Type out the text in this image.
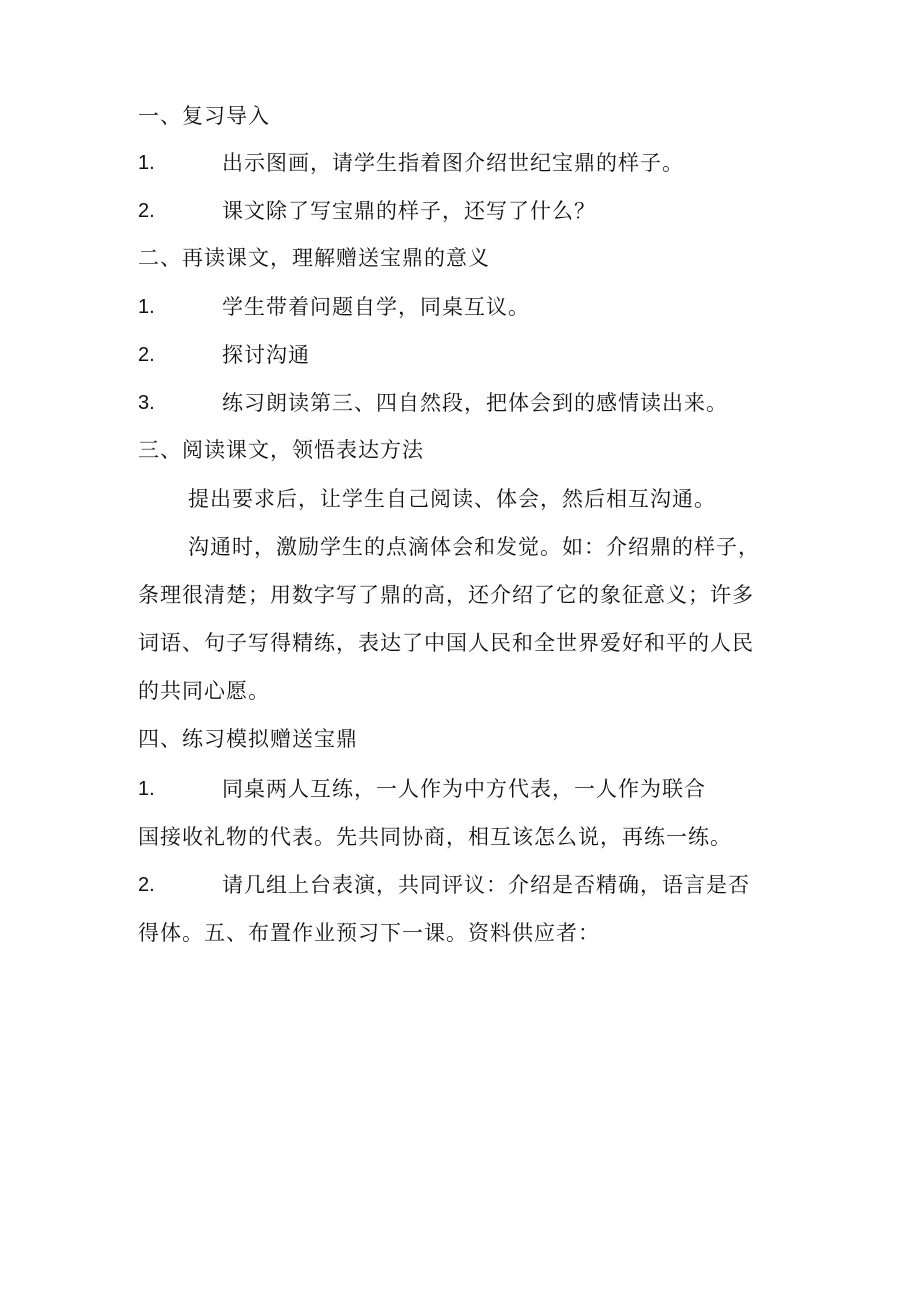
一、复习导入
1.	出示图画，请学生指着图介绍世纪宝鼎的样子。
2.	课文除了写宝鼎的样子，还写了什么？
二、再读课文，理解赠送宝鼎的意义
1.	学生带着问题自学，同桌互议。
2.	探讨沟通
3.	练习朗读第三、四自然段，把体会到的感情读出来。
三、阅读课文，领悟表达方法
提出要求后，让学生自己阅读、体会，然后相互沟通。
沟通时，激励学生的点滴体会和发觉。如：介绍鼎的样子，
条理很清楚；用数字写了鼎的高，还介绍了它的象征意义；许多
词语、句子写得精练，表达了中国人民和全世界爱好和平的人民
的共同心愿。
四、练习模拟赠送宝鼎
1.	同桌两人互练，一人作为中方代表，一人作为联合
国接收礼物的代表。先共同协商，相互该怎么说，再练一练。
2.	请几组上台表演，共同评议：介绍是否精确，语言是否
得体。五、布置作业预习下一课。资料供应者：
